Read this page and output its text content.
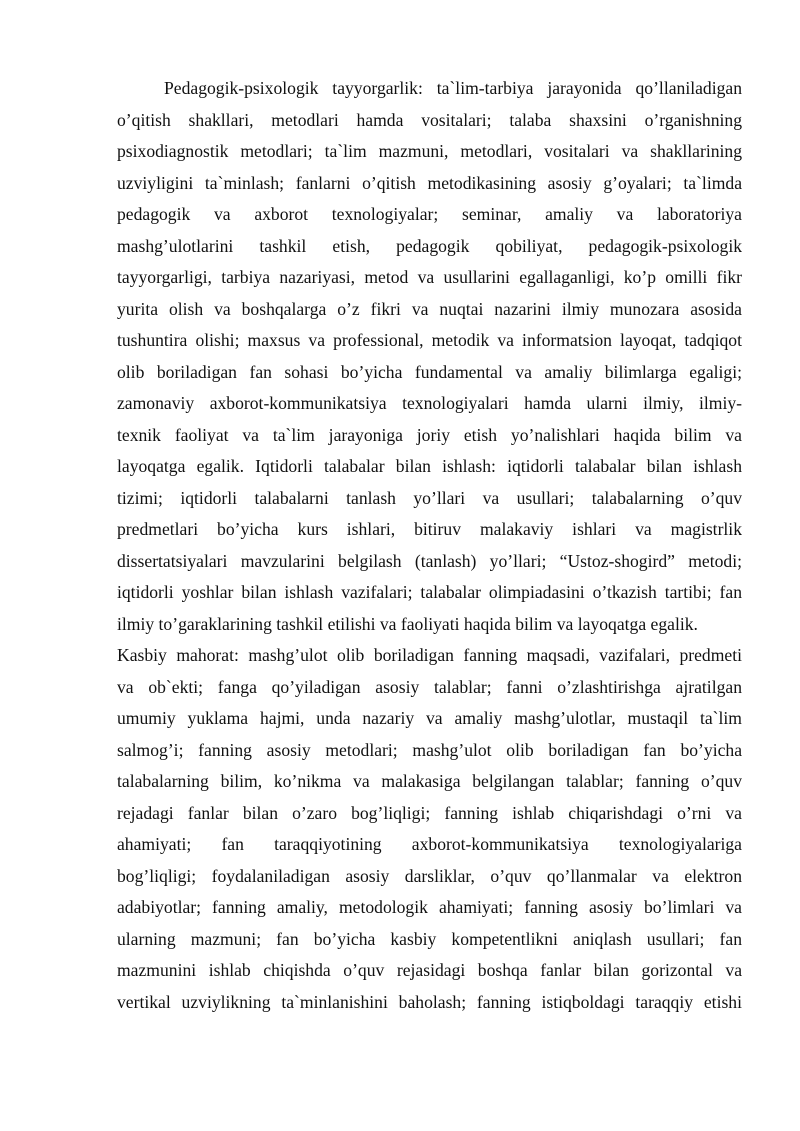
Pedagogik-psixologik tayyorgarlik: ta`lim-tarbiya jarayonida qo’llaniladigan
o’qitish shakllari, metodlari hamda vositalari; talaba shaxsini o’rganishning
psixodiagnostik metodlari; ta`lim mazmuni, metodlari, vositalari va shakllarining
uzviyligini ta`minlash; fanlarni o’qitish metodikasining asosiy g’oyalari; ta`limda
pedagogik va axborot texnologiyalar; seminar, amaliy va laboratoriya
mashg’ulotlarini tashkil etish, pedagogik qobiliyat, pedagogik-psixologik
tayyorgarligi, tarbiya nazariyasi, metod va usullarini egallaganligi, ko’p omilli fikr
yurita olish va boshqalarga o’z fikri va nuqtai nazarini ilmiy munozara asosida
tushuntira olishi; maxsus va professional, metodik va informatsion layoqat, tadqiqot
olib boriladigan fan sohasi bo’yicha fundamental va amaliy bilimlarga egaligi;
zamonaviy axborot-kommunikatsiya texnologiyalari hamda ularni ilmiy, ilmiy-
texnik faoliyat va ta`lim jarayoniga joriy etish yo’nalishlari haqida bilim va
layoqatga egalik. Iqtidorli talabalar bilan ishlash: iqtidorli talabalar bilan ishlash
tizimi; iqtidorli talabalarni tanlash yo’llari va usullari; talabalarning o’quv
predmetlari bo’yicha kurs ishlari, bitiruv malakaviy ishlari va magistrlik
dissertatsiyalari mavzularini belgilash (tanlash) yo’llari; “Ustoz-shogird” metodi;
iqtidorli yoshlar bilan ishlash vazifalari; talabalar olimpiadasini o’tkazish tartibi; fan
ilmiy to’garaklarining tashkil etilishi va faoliyati haqida bilim va layoqatga egalik.
Kasbiy mahorat: mashg’ulot olib boriladigan fanning maqsadi, vazifalari, predmeti
va ob`ekti; fanga qo’yiladigan asosiy talablar; fanni o’zlashtirishga ajratilgan
umumiy yuklama hajmi, unda nazariy va amaliy mashg’ulotlar, mustaqil ta`lim
salmog’i; fanning asosiy metodlari; mashg’ulot olib boriladigan fan bo’yicha
talabalarning bilim, ko’nikma va malakasiga belgilangan talablar; fanning o’quv
rejadagi fanlar bilan o’zaro bog’liqligi; fanning ishlab chiqarishdagi o’rni va
ahamiyati; fan taraqqiyotining axborot-kommunikatsiya texnologiyalariga
bog’liqligi; foydalaniladigan asosiy darsliklar, o’quv qo’llanmalar va elektron
adabiyotlar; fanning amaliy, metodologik ahamiyati; fanning asosiy bo’limlari va
ularning mazmuni; fan bo’yicha kasbiy kompetentlikni aniqlash usullari; fan
mazmunini ishlab chiqishda o’quv rejasidagi boshqa fanlar bilan gorizontal va
vertikal uzviylikning ta`minlanishini baholash; fanning istiqboldagi taraqqiy etishi
